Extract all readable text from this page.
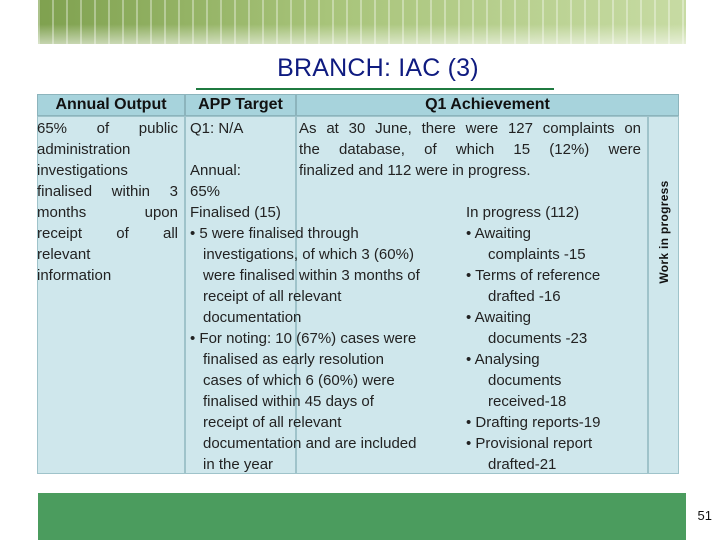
BRANCH: IAC (3)
Annual Output	APP Target	Q1 Achievement
Work in progress
65% of public
administration
investigations
finalised within 3
months upon
receipt of all
relevant
information
Q1: N/A
Annual:
65%
As at 30 June, there were 127 complaints on
the database, of which 15 (12%) were
finalized and 112 were in progress.
Finalised (15)
• 5 were finalised through
investigations, of which 3 (60%)
were finalised within 3 months of
receipt of all relevant
documentation
• For noting: 10 (67%) cases were
finalised as early resolution
cases of which 6 (60%) were
finalised within 45 days of
receipt of all relevant
documentation and are included
in the year
In progress (112)
• Awaiting
complaints -15
• Terms of reference
drafted -16
• Awaiting
documents -23
• Analysing
documents
received-18
• Drafting reports-19
• Provisional report
drafted-21
51
